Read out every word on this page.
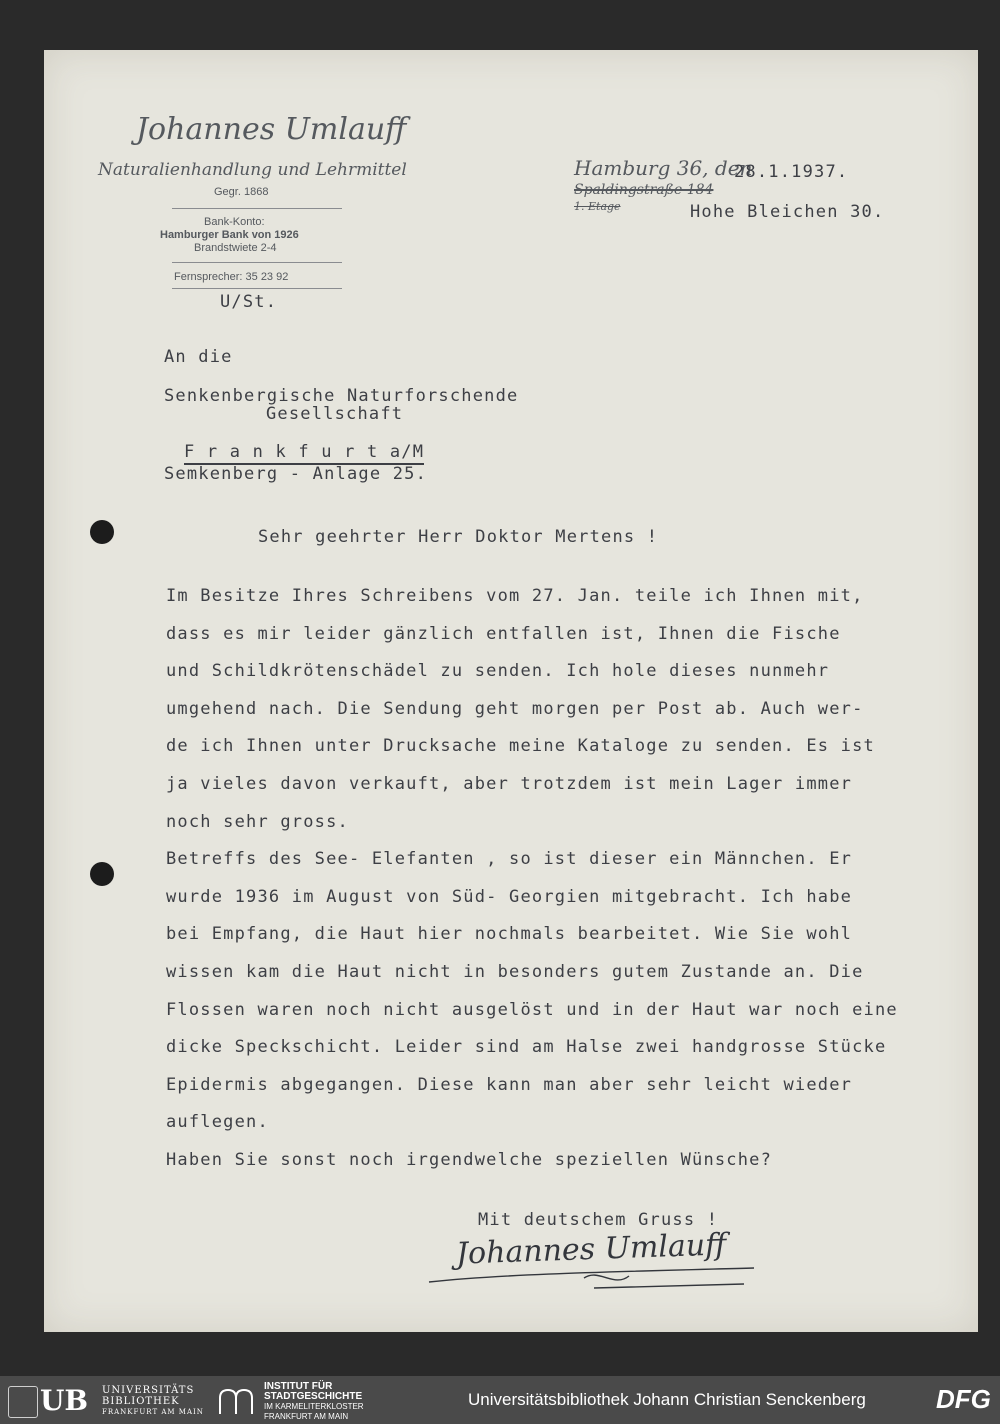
Johannes Umlauff
Naturalienhandlung und Lehrmittel
Gegr. 1868
Bank-Konto:
Hamburger Bank von 1926
Brandstwiete 2-4
Fernsprecher: 35 23 92
U/St.
Hamburg 36, den
28.1.1937.
Spaldingstraße 184
1. Etage	Hohe Bleichen 30.
An die
Senkenbergische Naturforschende
Gesellschaft
F r a n k f u r t a/M
Semkenberg - Anlage 25.
Sehr geehrter Herr Doktor Mertens !
Im Besitze Ihres Schreibens vom 27. Jan. teile ich Ihnen mit,
dass es mir leider gänzlich entfallen ist, Ihnen die Fische
und Schildkrötenschädel zu senden. Ich hole dieses nunmehr
umgehend nach. Die Sendung geht morgen per Post ab. Auch wer-
de ich Ihnen unter Drucksache meine Kataloge zu senden. Es ist
ja vieles davon verkauft, aber trotzdem ist mein Lager immer
noch sehr gross.
Betreffs des See- Elefanten , so ist dieser ein Männchen. Er
wurde 1936 im August von Süd- Georgien mitgebracht. Ich habe
bei Empfang, die Haut hier nochmals bearbeitet. Wie Sie wohl
wissen kam die Haut nicht in besonders gutem Zustande an. Die
Flossen waren noch nicht ausgelöst und in der Haut war noch eine
dicke Speckschicht. Leider sind am Halse zwei handgrosse Stücke
Epidermis abgegangen. Diese kann man aber sehr leicht wieder
auflegen.
Haben Sie sonst noch irgendwelche speziellen Wünsche?
Mit deutschem Gruss !
Johannes Umlauff
UB UNIVERSITÄTS
BIBLIOTHEK
FRANKFURT AM MAIN
INSTITUT FÜR
STADTGESCHICHTE
IM KARMELITERKLOSTER
FRANKFURT AM MAIN
Universitätsbibliothek Johann Christian Senckenberg	DFG
